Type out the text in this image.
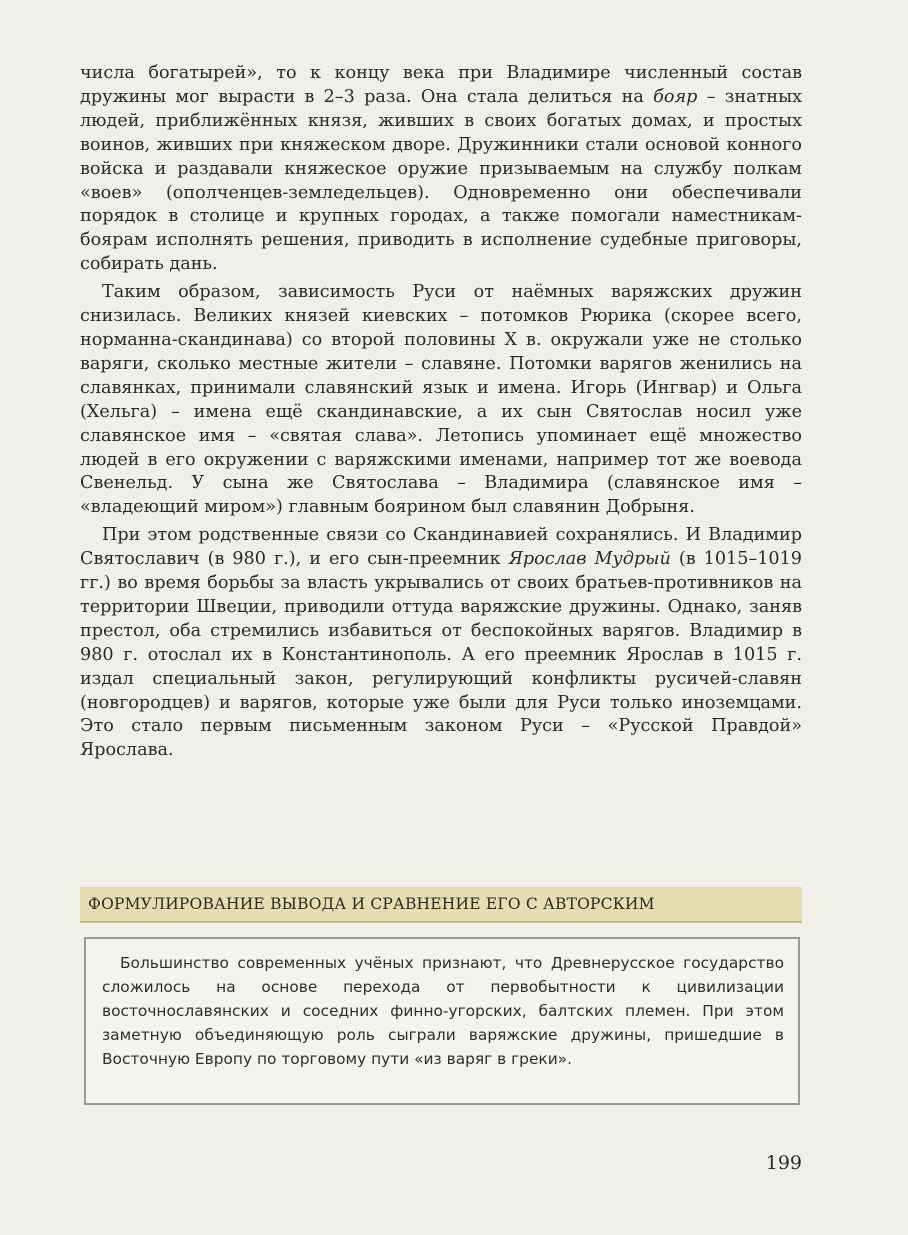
числа богатырей», то к концу века при Владимире численный состав дружины мог вырасти в 2–3 раза. Она стала делиться на бояр – знатных людей, приближённых князя, живших в своих богатых домах, и простых воинов, живших при княжеском дворе. Дружинники стали основой конного войска и раздавали княжеское оружие призываемым на службу полкам «воев» (ополченцев-земледельцев). Одновременно они обеспечивали порядок в столице и крупных городах, а также помогали наместникам-боярам исполнять решения, приводить в исполнение судебные приговоры, собирать дань.

Таким образом, зависимость Руси от наёмных варяжских дружин снизилась. Великих князей киевских – потомков Рюрика (скорее всего, норманна-скандинава) со второй половины X в. окружали уже не столько варяги, сколько местные жители – славяне. Потомки варягов женились на славянках, принимали славянский язык и имена. Игорь (Ингвар) и Ольга (Хельга) – имена ещё скандинавские, а их сын Святослав носил уже славянское имя – «святая слава». Летопись упоминает ещё множество людей в его окружении с варяжскими именами, например тот же воевода Свенельд. У сына же Святослава – Владимира (славянское имя – «владеющий миром») главным боярином был славянин Добрыня.

При этом родственные связи со Скандинавией сохранялись. И Владимир Святославич (в 980 г.), и его сын-преемник Ярослав Мудрый (в 1015–1019 гг.) во время борьбы за власть укрывались от своих братьев-противников на территории Швеции, приводили оттуда варяжские дружины. Однако, заняв престол, оба стремились избавиться от беспокойных варягов. Владимир в 980 г. отослал их в Константинополь. А его преемник Ярослав в 1015 г. издал специальный закон, регулирующий конфликты русичей-славян (новгородцев) и варягов, которые уже были для Руси только иноземцами. Это стало первым письменным законом Руси – «Русской Правдой» Ярослава.

ФОРМУЛИРОВАНИЕ ВЫВОДА И СРАВНЕНИЕ ЕГО С АВТОРСКИМ

Большинство современных учёных признают, что Древнерусское государство сложилось на основе перехода от первобытности к цивилизации восточнославянских и соседних финно-угорских, балтских племен. При этом заметную объединяющую роль сыграли варяжские дружины, пришедшие в Восточную Европу по торговому пути «из варяг в греки».

199
